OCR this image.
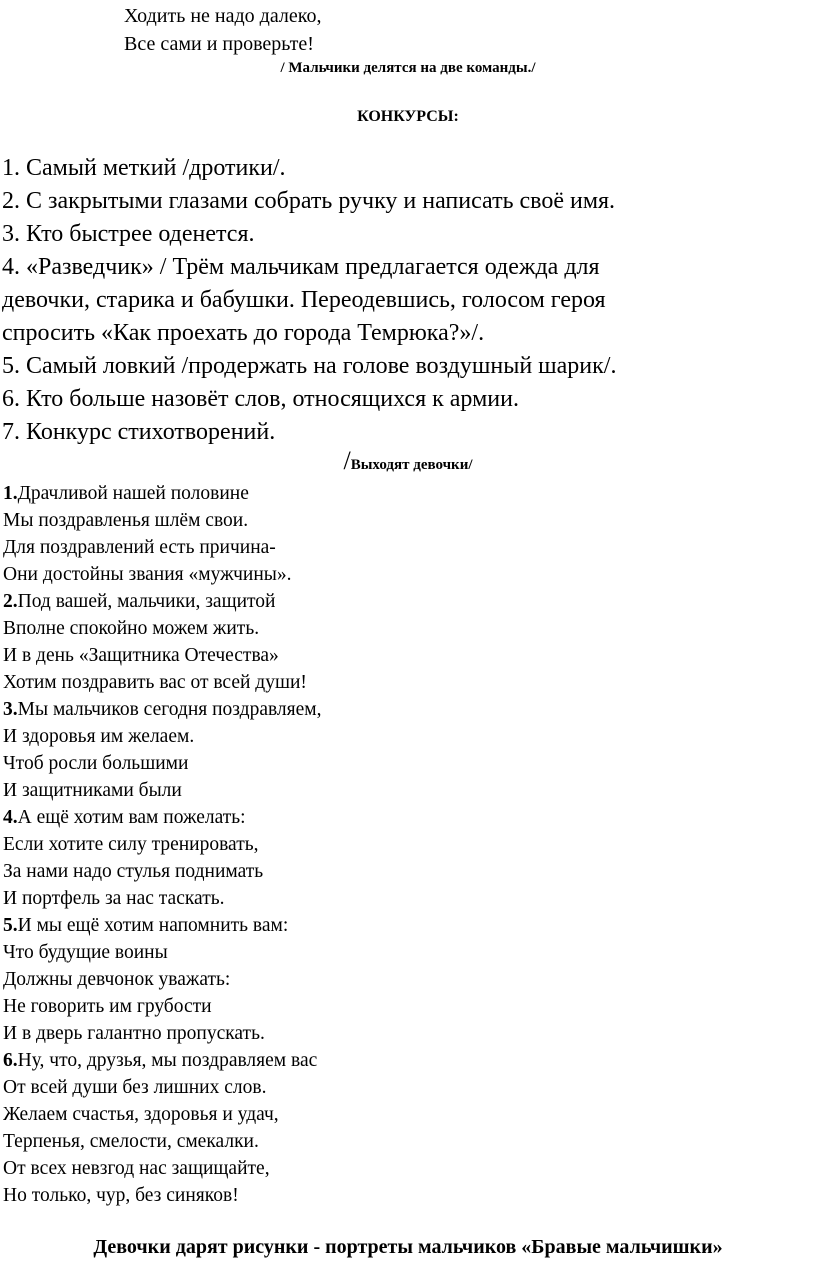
Ходить не надо далеко,
Все сами и проверьте!
/ Мальчики делятся на две команды./
КОНКУРСЫ:
1. Самый меткий /дротики/.
2. С закрытыми глазами собрать ручку и написать своё имя.
3. Кто быстрее оденется.
4. «Разведчик» / Трём мальчикам предлагается одежда для
девочки, старика и бабушки. Переодевшись, голосом героя
спросить «Как проехать до города Темрюка?»/.
5. Самый ловкий /продержать на голове воздушный шарик/.
6. Кто больше назовёт слов, относящихся к армии.
7. Конкурс стихотворений.
/Выходят девочки/
1.Драчливой нашей половине
Мы поздравленья шлём свои.
Для поздравлений есть причина-
Они достойны звания «мужчины».
2.Под вашей, мальчики, защитой
Вполне спокойно можем жить.
И в день «Защитника Отечества»
Хотим поздравить вас от всей души!
3.Мы мальчиков сегодня поздравляем,
И здоровья им желаем.
Чтоб росли большими
И защитниками были
4.А ещё хотим вам пожелать:
Если хотите силу тренировать,
За нами надо стулья поднимать
И портфель за нас таскать.
5.И мы ещё хотим напомнить вам:
Что будущие воины
Должны девчонок уважать:
Не говорить им грубости
И в дверь галантно пропускать.
6.Ну, что, друзья, мы поздравляем вас
От всей души без лишних слов.
Желаем счастья, здоровья и удач,
Терпенья, смелости, смекалки.
От всех невзгод нас защищайте,
Но только, чур, без синяков!
Девочки дарят рисунки - портреты мальчиков «Бравые мальчишки»
